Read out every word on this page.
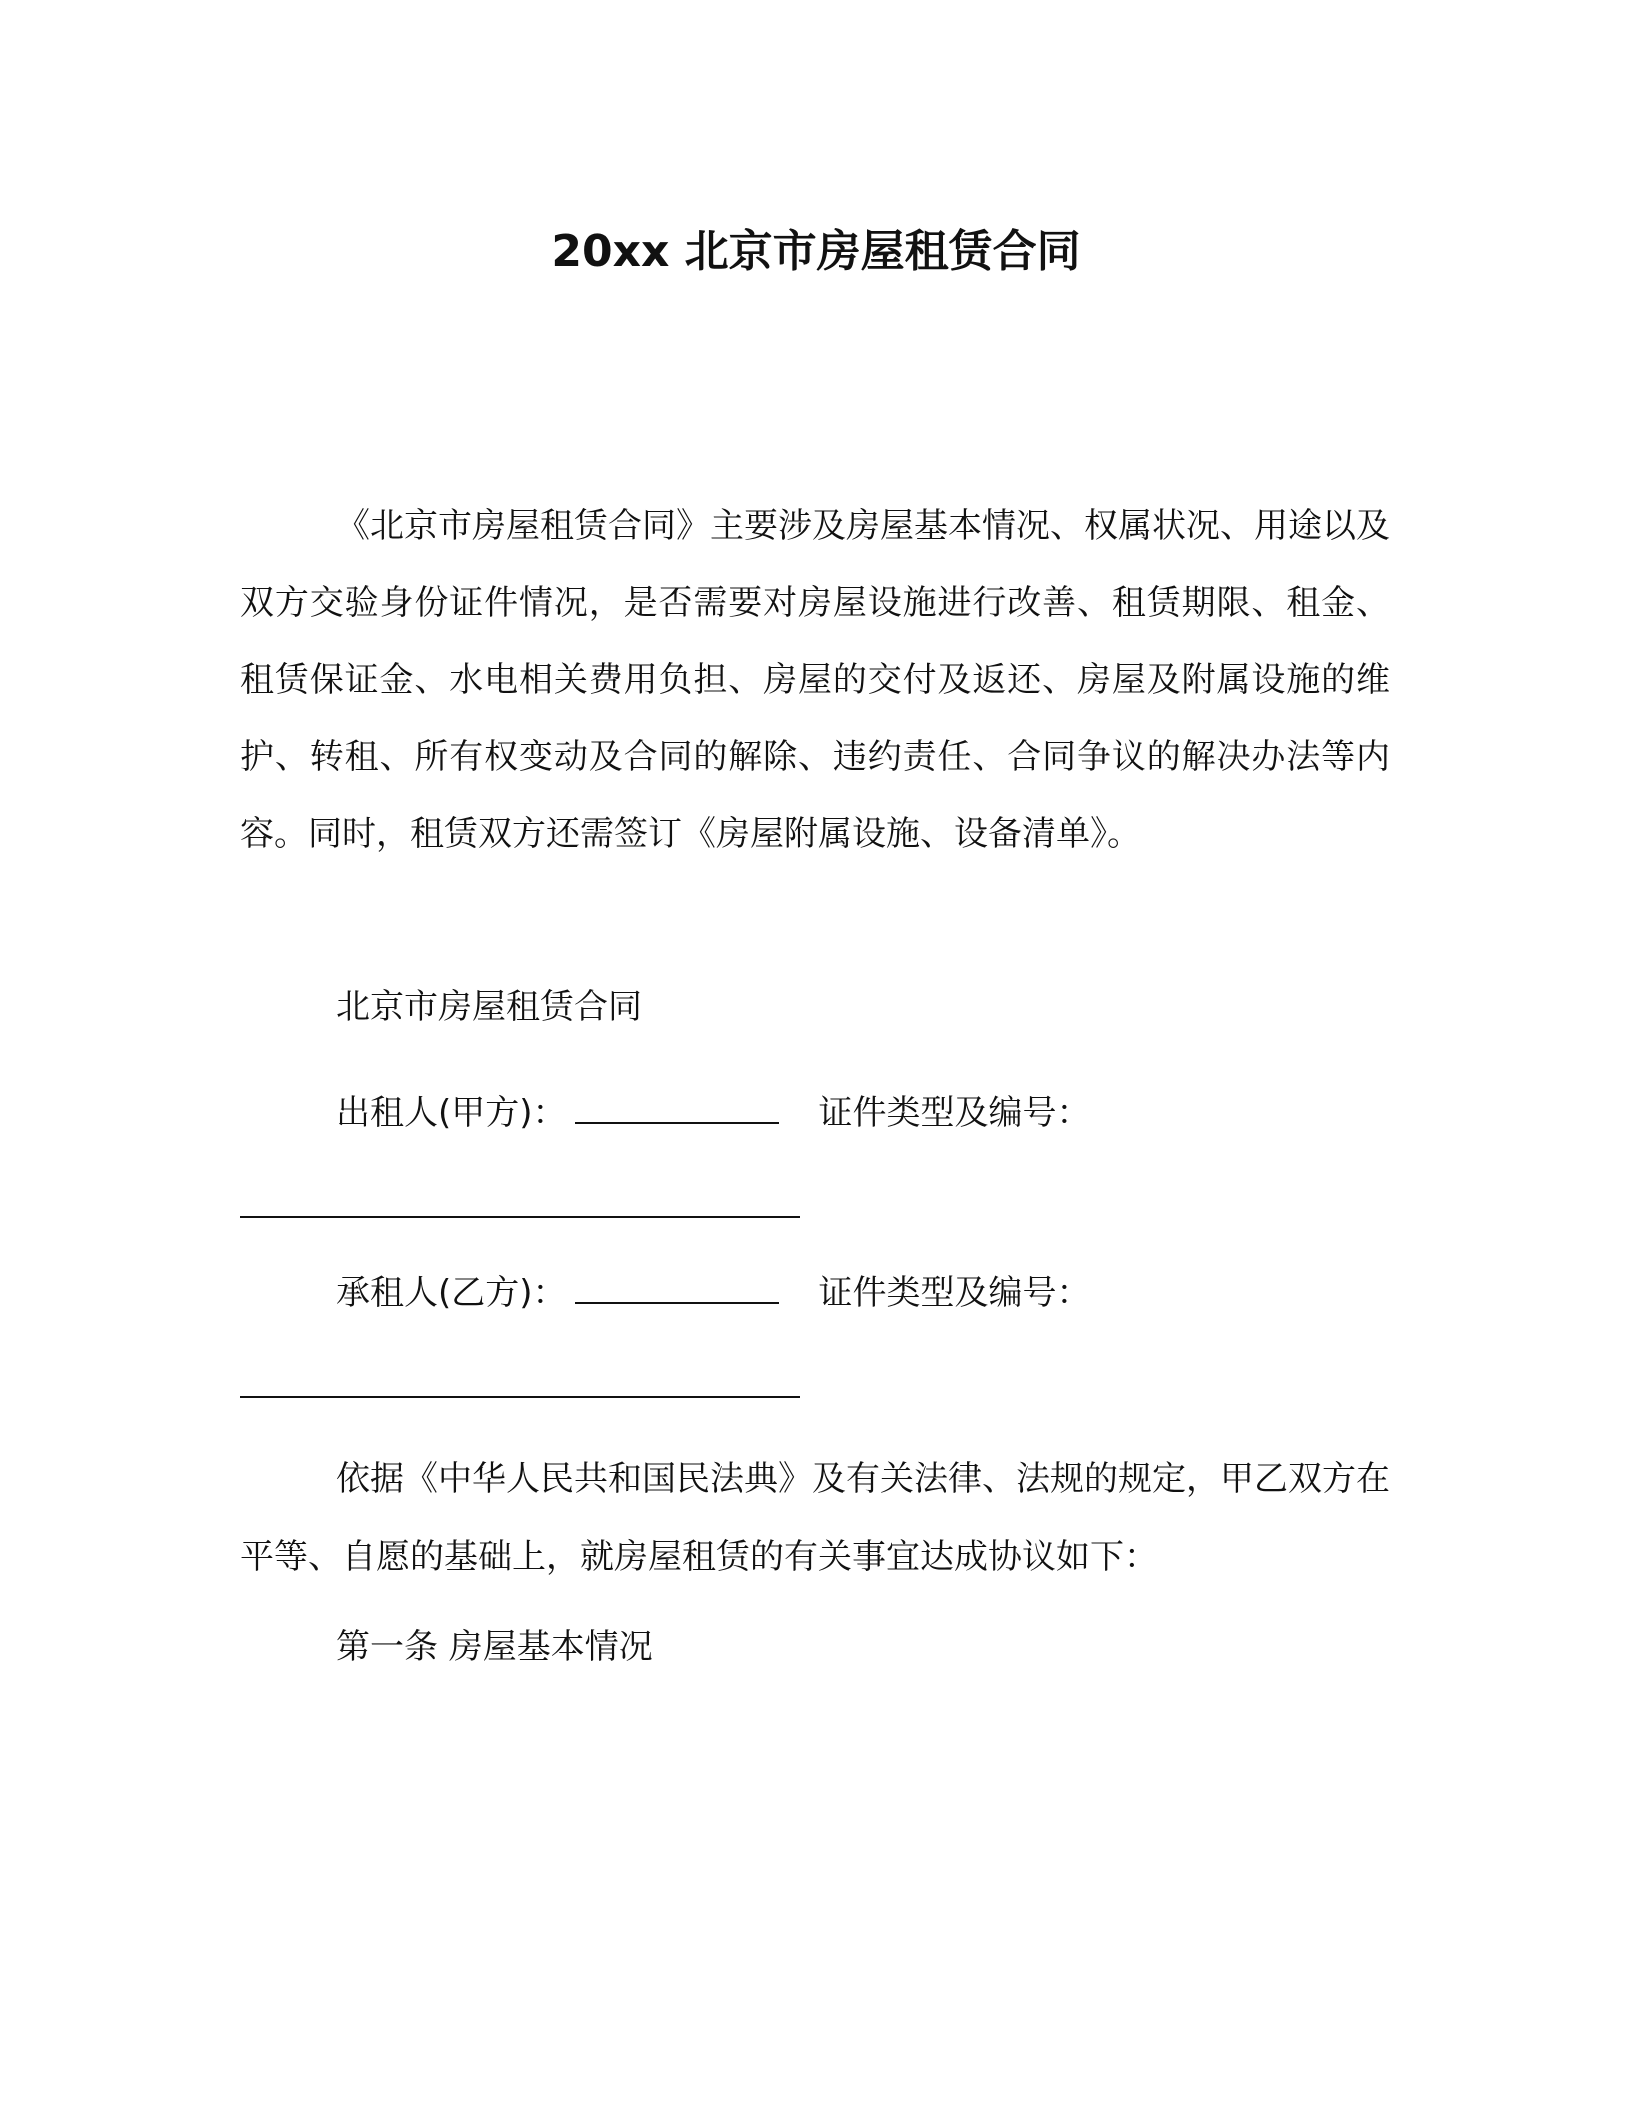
20xx 北京市房屋租赁合同
《北京市房屋租赁合同》主要涉及房屋基本情况、权属状况、用途以及双方交验身份证件情况，是否需要对房屋设施进行改善、租赁期限、租金、租赁保证金、水电相关费用负担、房屋的交付及返还、房屋及附属设施的维护、转租、所有权变动及合同的解除、违约责任、合同争议的解决办法等内容。同时，租赁双方还需签订《房屋附属设施、设备清单》。
北京市房屋租赁合同
出租人(甲方)：	证件类型及编号：
承租人(乙方)：	证件类型及编号：
依据《中华人民共和国民法典》及有关法律、法规的规定，甲乙双方在平等、自愿的基础上，就房屋租赁的有关事宜达成协议如下：
第一条 房屋基本情况
